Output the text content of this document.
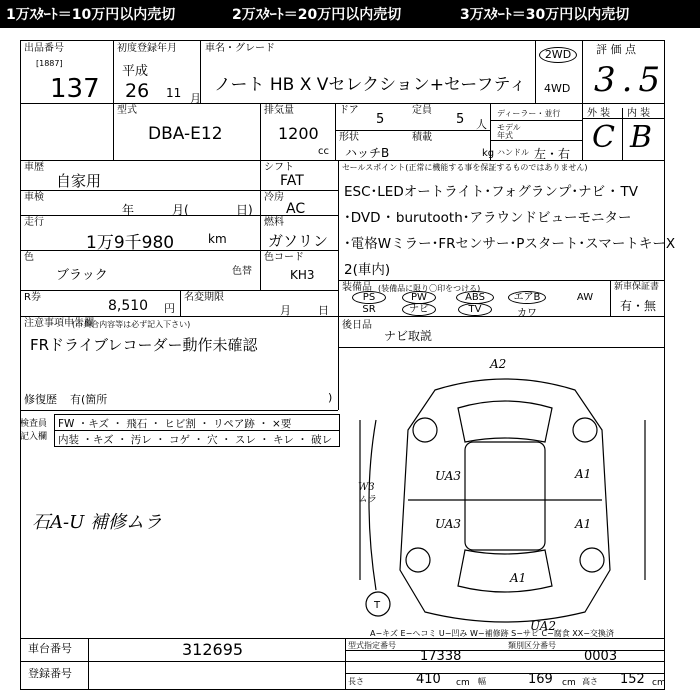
1万ｽﾀｰﾄ＝10万円以内売切	2万ｽﾀｰﾄ＝20万円以内売切	3万ｽﾀｰﾄ＝30万円以内売切
出品番号
[1887]
137
初度登録年月
平成
26 11 月
車名・グレード
ノート HB X Vセレクション+セーフティ
2WD
4WD
評 価 点
3.5
外 装 内 装
C B
型式
DBA-E12
排気量
1200
cc
ドア
5
定員
5 人
ディーラー・並行
モデル
年式
形状
ハッチB
積載
kg ハンドル 左・右
車歴
自家用
シフト
FAT
車検
年	月(	日)
冷房
AC
走行
1万9千980	km
燃料
ガソリン
色
ブラック	色替
色コード
KH3
R券
8,510 円
名変期限
月 日
セールスポイント(正常に機能する事を保証するものではありません)
ESC･LEDオートライト･フォグランプ･ナビ ･ TV
･DVD ･ burutooth･アラウンドビューモニター
･電格Wミラー･FRセンサー･Pスタート･スマートキーX
2(車内)
装備品 (装備品に限り〇印をつける)
PS	PW	ABS	エアB	AW
SR	ナビ	TV	カワ
新車保証書
有・無
注意事項申告欄
(不具合内容等は必ず記入下さい)
FRドライブレコーダー動作未確認
修復歴 有(箇所	)
後日品
ナビ取説
検査員
記入欄
FW ・キズ ・ 飛石 ・ ヒビ割 ・ リペア跡 ・ ×要
内装 ・キズ ・ 汚レ ・ コゲ ・ 穴 ・ スレ ・ キレ ・ 破レ
石A-U 補修ムラ
A2
UA3
UA3
A1
A1
A1
UA2
W3
ムラ
T
A−キズ E−ヘコミ U−凹み W−補修跡 S−サビ C−腐食 XX−交換済
車台番号	312695
登録番号
型式指定番号
17338
類別区分番号
0003
長さ	410 cm 幅	169 cm 高さ 152 cm
